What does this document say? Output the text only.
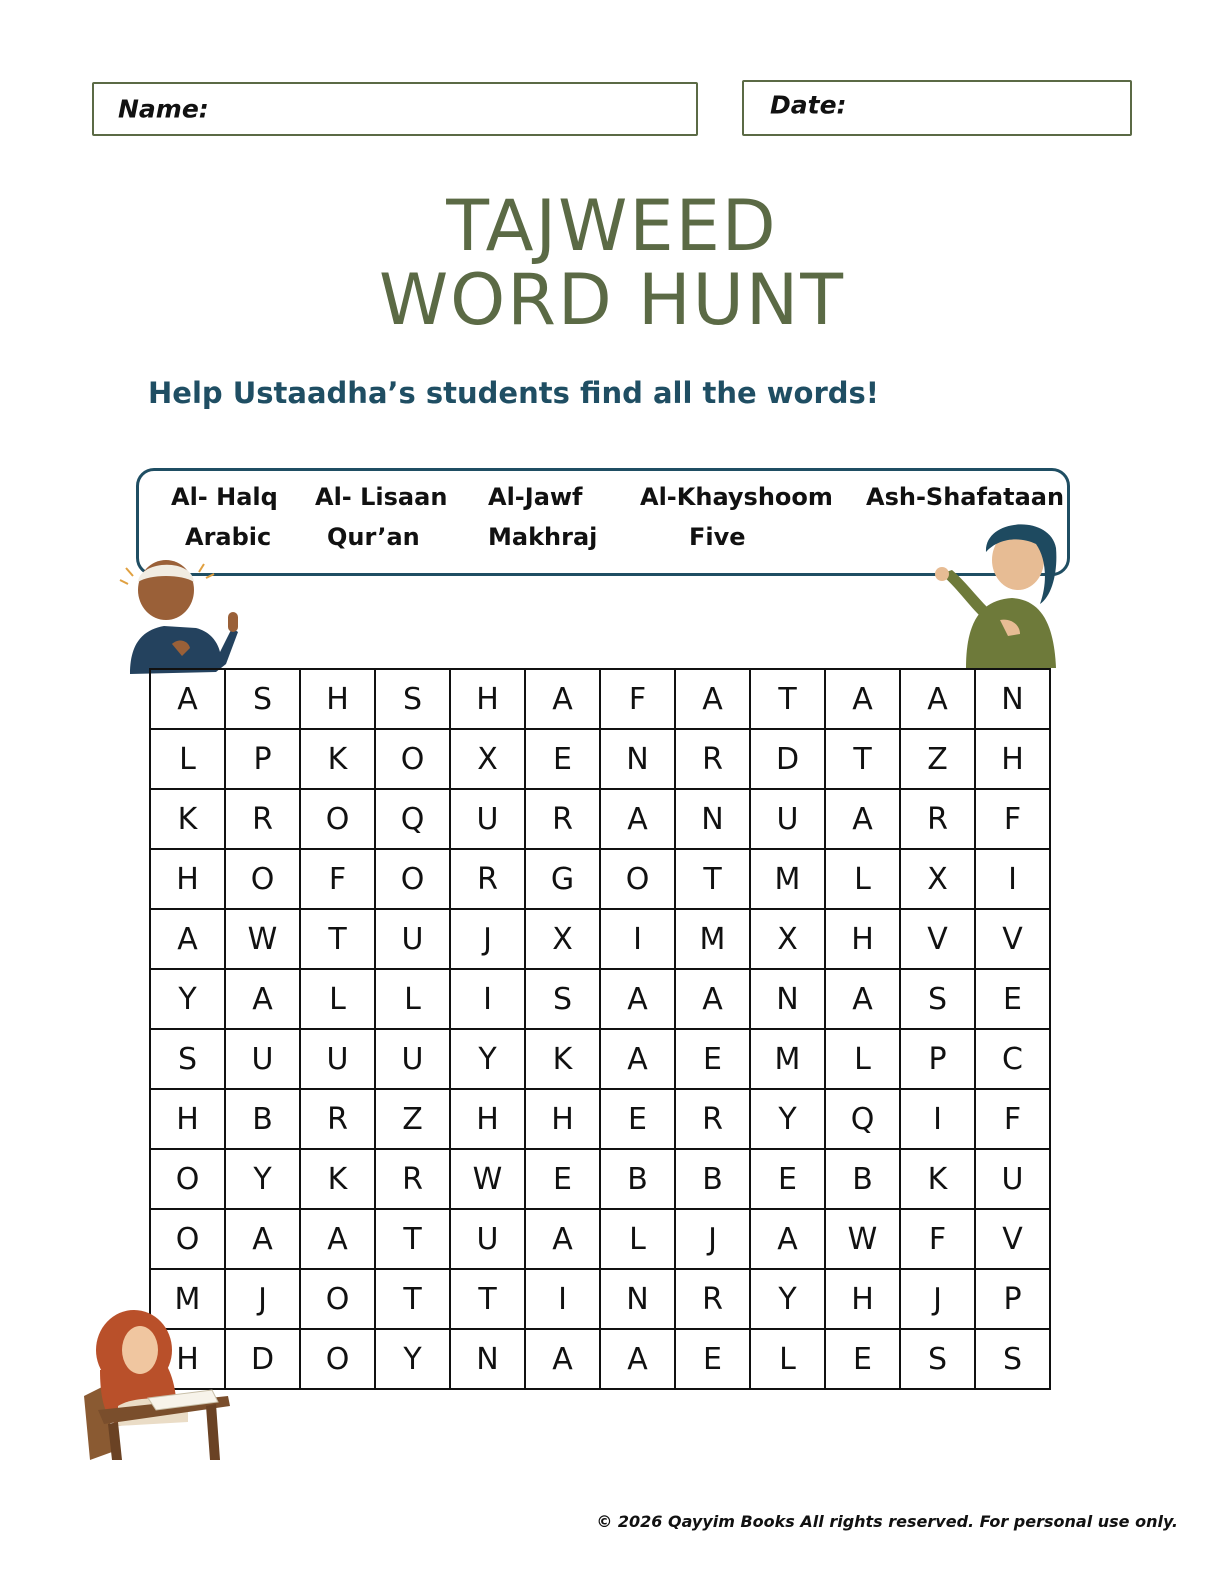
Name:	Date:
TAJWEED
WORD HUNT
Help Ustaadha’s students find all the words!
Al- Halq Al- Lisaan Al-Jawf Al-Khayshoom Ash-Shafataan
Arabic Qur’an	Makhraj	Five
A	S	H	S	H	A	F	A	T	A	A	N
L	P	K	O	X	E	N	R	D	T	Z	H
K	R	O	Q	U	R	A	N	U	A	R	F
H	O	F	O	R	G	O	T	M	L	X	I
A	W	T	U	J	X	I	M	X	H	V	V
Y	A	L	L	I	S	A	A	N	A	S	E
S	U	U	U	Y	K	A	E	M	L	P	C
H	B	R	Z	H	H	E	R	Y	Q	I	F
O	Y	K	R	W	E	B	B	E	B	K	U
O	A	A	T	U	A	L	J	A	W	F	V
M	J	O	T	T	I	N	R	Y	H	J	P
H	D	O	Y	N	A	A	E	L	E	S	S
© 2026 Qayyim Books All rights reserved. For personal use only.
